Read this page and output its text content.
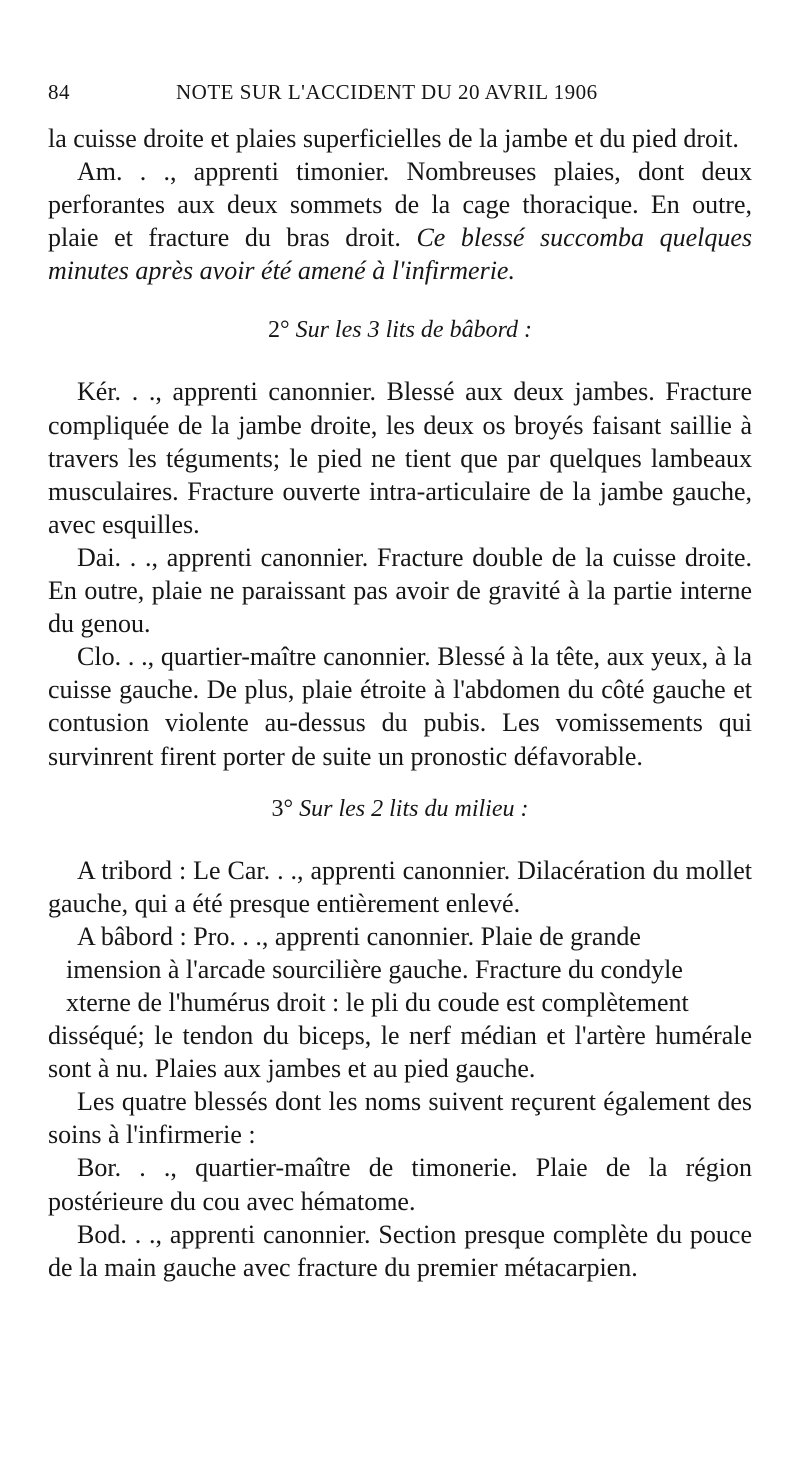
84	NOTE SUR L'ACCIDENT DU 20 AVRIL 1906

la cuisse droite et plaies superficielles de la jambe et du pied droit.

Am. . ., apprenti timonier. Nombreuses plaies, dont deux perforantes aux deux sommets de la cage thoracique. En outre, plaie et fracture du bras droit. Ce blessé succomba quelques minutes après avoir été amené à l'infirmerie.

2° Sur les 3 lits de bâbord :

Kér. . ., apprenti canonnier. Blessé aux deux jambes. Fracture compliquée de la jambe droite, les deux os broyés faisant saillie à travers les téguments; le pied ne tient que par quelques lambeaux musculaires. Fracture ouverte intra-articulaire de la jambe gauche, avec esquilles.

Dai. . ., apprenti canonnier. Fracture double de la cuisse droite. En outre, plaie ne paraissant pas avoir de gravité à la partie interne du genou.

Clo. . ., quartier-maître canonnier. Blessé à la tête, aux yeux, à la cuisse gauche. De plus, plaie étroite à l'abdomen du côté gauche et contusion violente au-dessus du pubis. Les vomissements qui survinrent firent porter de suite un pronostic défavorable.

3° Sur les 2 lits du milieu :

A tribord : Le Car. . ., apprenti canonnier. Dilacération du mollet gauche, qui a été presque entièrement enlevé.

A bâbord : Pro. . ., apprenti canonnier. Plaie de grande

imension à l'arcade sourcilière gauche. Fracture du condyle

xterne de l'humérus droit : le pli du coude est complètement

disséqué; le tendon du biceps, le nerf médian et l'artère humérale sont à nu. Plaies aux jambes et au pied gauche.

Les quatre blessés dont les noms suivent reçurent également des soins à l'infirmerie :

Bor. . ., quartier-maître de timonerie. Plaie de la région postérieure du cou avec hématome.

Bod. . ., apprenti canonnier. Section presque complète du pouce de la main gauche avec fracture du premier métacarpien.
